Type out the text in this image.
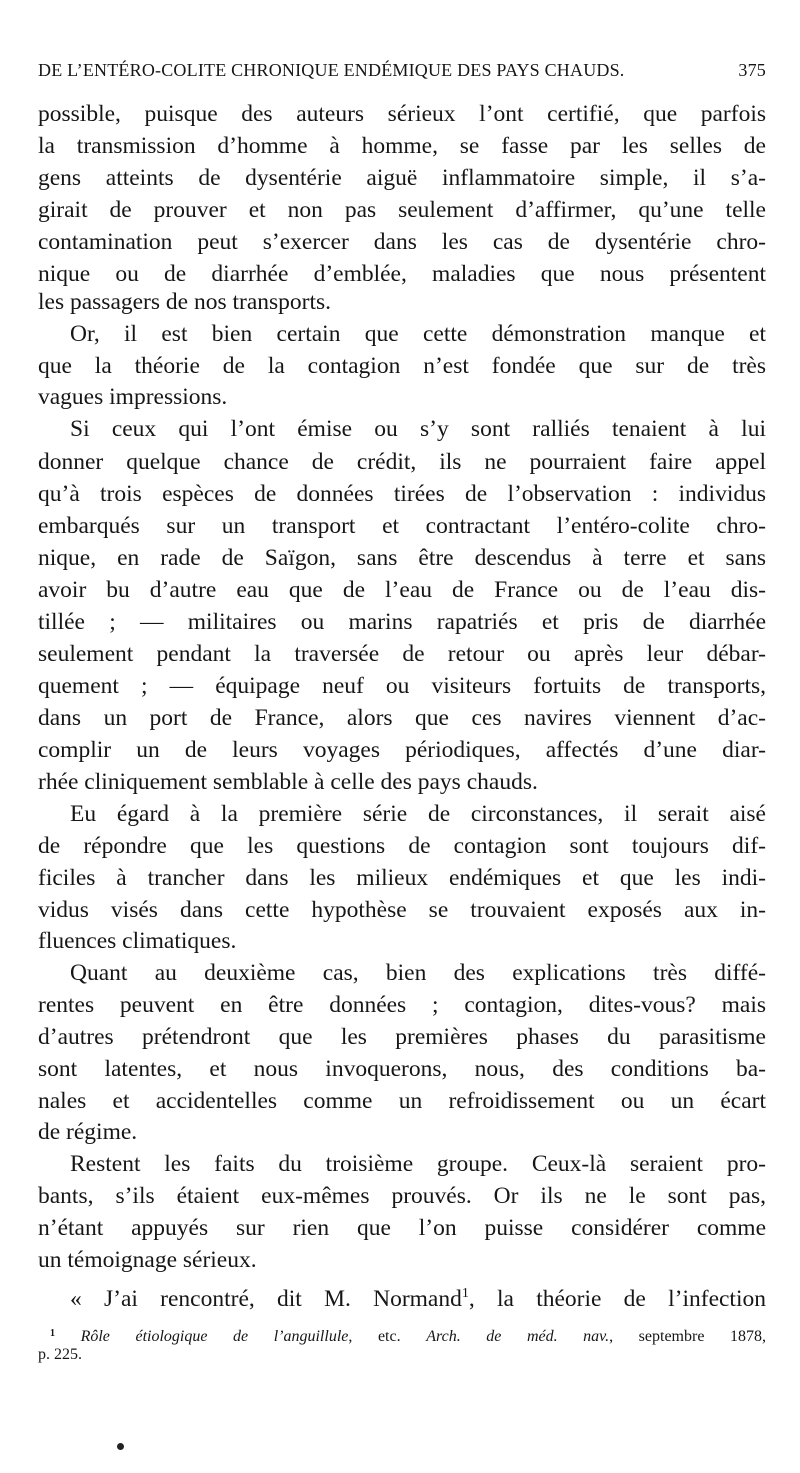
DE L’ENTÉRO-COLITE CHRONIQUE ENDÉMIQUE DES PAYS CHAUDS.	375
possible, puisque des auteurs sérieux l’ont certifié, que parfois
la transmission d’homme à homme, se fasse par les selles de
gens atteints de dysentérie aiguë inflammatoire simple, il s’a-
girait de prouver et non pas seulement d’affirmer, qu’une telle
contamination peut s’exercer dans les cas de dysentérie chro-
nique ou de diarrhée d’emblée, maladies que nous présentent
les passagers de nos transports.
Or, il est bien certain que cette démonstration manque et
que la théorie de la contagion n’est fondée que sur de très
vagues impressions.
Si ceux qui l’ont émise ou s’y sont ralliés tenaient à lui
donner quelque chance de crédit, ils ne pourraient faire appel
qu’à trois espèces de données tirées de l’observation : individus
embarqués sur un transport et contractant l’entéro-colite chro-
nique, en rade de Saïgon, sans être descendus à terre et sans
avoir bu d’autre eau que de l’eau de France ou de l’eau dis-
tillée ; — militaires ou marins rapatriés et pris de diarrhée
seulement pendant la traversée de retour ou après leur débar-
quement ; — équipage neuf ou visiteurs fortuits de transports,
dans un port de France, alors que ces navires viennent d’ac-
complir un de leurs voyages périodiques, affectés d’une diar-
rhée cliniquement semblable à celle des pays chauds.
Eu égard à la première série de circonstances, il serait aisé
de répondre que les questions de contagion sont toujours dif-
ficiles à trancher dans les milieux endémiques et que les indi-
vidus visés dans cette hypothèse se trouvaient exposés aux in-
fluences climatiques.
Quant au deuxième cas, bien des explications très diffé-
rentes peuvent en être données ; contagion, dites-vous? mais
d’autres prétendront que les premières phases du parasitisme
sont latentes, et nous invoquerons, nous, des conditions ba-
nales et accidentelles comme un refroidissement ou un écart
de régime.
Restent les faits du troisième groupe. Ceux-là seraient pro-
bants, s’ils étaient eux-mêmes prouvés. Or ils ne le sont pas,
n’étant appuyés sur rien que l’on puisse considérer comme
un témoignage sérieux.
« J’ai rencontré, dit M. Normand$^1$, la théorie de l’infection
$^1$ Rôle étiologique de l’anguillule, etc. Arch. de méd. nav., septembre 1878,
p. 225.
